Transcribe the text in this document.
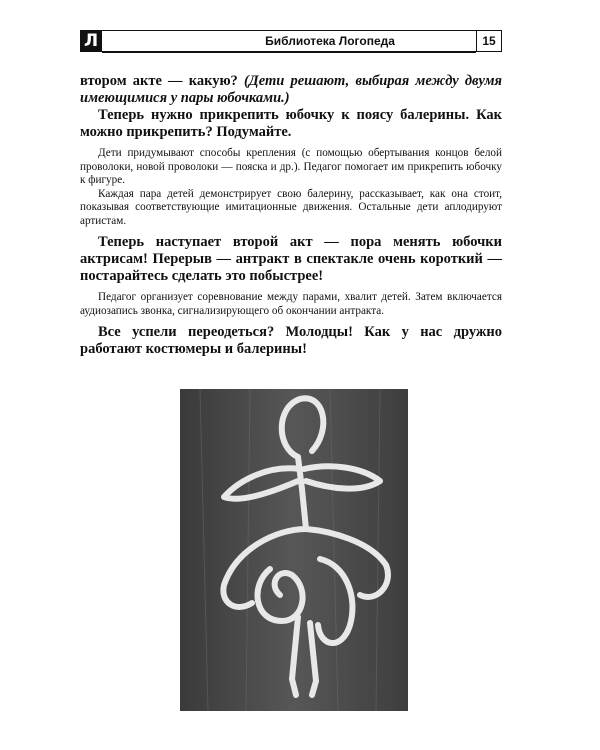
Л	Библиотека Логопеда	15

втором акте — какую? (Дети решают, выбирая между двумя имеющимися у пары юбочками.)

Теперь нужно прикрепить юбочку к поясу балерины. Как можно прикрепить? Подумайте.

Дети придумывают способы крепления (с помощью обертывания концов белой проволоки, новой проволоки — пояска и др.). Педагог помогает им прикрепить юбочку к фигуре.

Каждая пара детей демонстрирует свою балерину, рассказывает, как она стоит, показывая соответствующие имитационные движения. Остальные дети аплодируют артистам.

Теперь наступает второй акт — пора менять юбочки актрисам! Перерыв — антракт в спектакле очень короткий — постарайтесь сделать это побыстрее!

Педагог организует соревнование между парами, хвалит детей. Затем включается аудиозапись звонка, сигнализирующего об окончании антракта.

Все успели переодеться? Молодцы! Как у нас дружно работают костюмеры и балерины!
